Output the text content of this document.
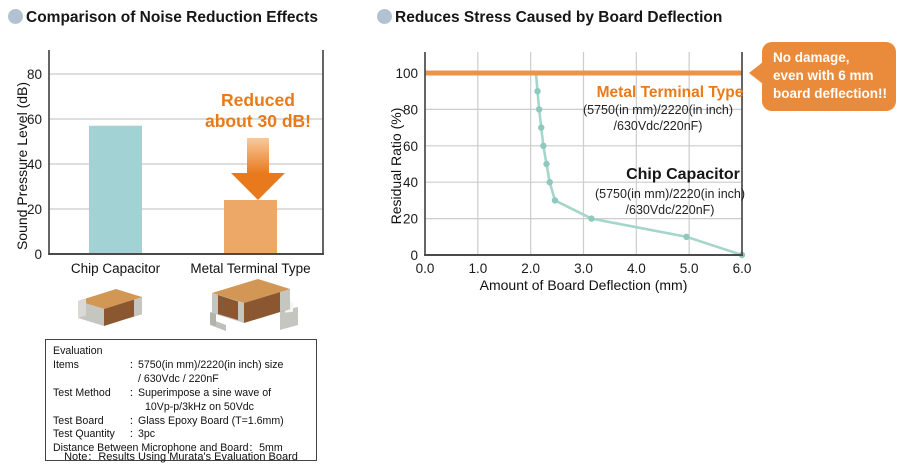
Comparison of Noise Reduction Effects	Reduces Stress Caused by Board Deflection
0
20
40
60
80
Chip Capacitor Metal Terminal Type
Sound Pressure Level (dB)	Reduced
about 30 dB!
Evaluation Items	：5750(in mm)/2220(in inch) size
/ 630Vdc / 220nF
Test Method ：Superimpose a sine wave of
10Vp-p/3kHz on 50Vdc
Test Board ：Glass Epoxy Board (T=1.6mm)
Test Quantity ：3pc
Distance Between Microphone and Board：5mm
Note：Results Using Murata's Evaluation Board
0.0	1.0	2.0	3.0	4.0	5.0	6.0
0
20
40
60
80
100
Residual Ratio (%)
Amount of Board Deflection (mm)
Metal Terminal Type
(5750(in mm)/2220(in inch)
/630Vdc/220nF)
Chip Capacitor
(5750(in mm)/2220(in inch)
/630Vdc/220nF)
No damage,
even with 6 mm
board deflection!!
